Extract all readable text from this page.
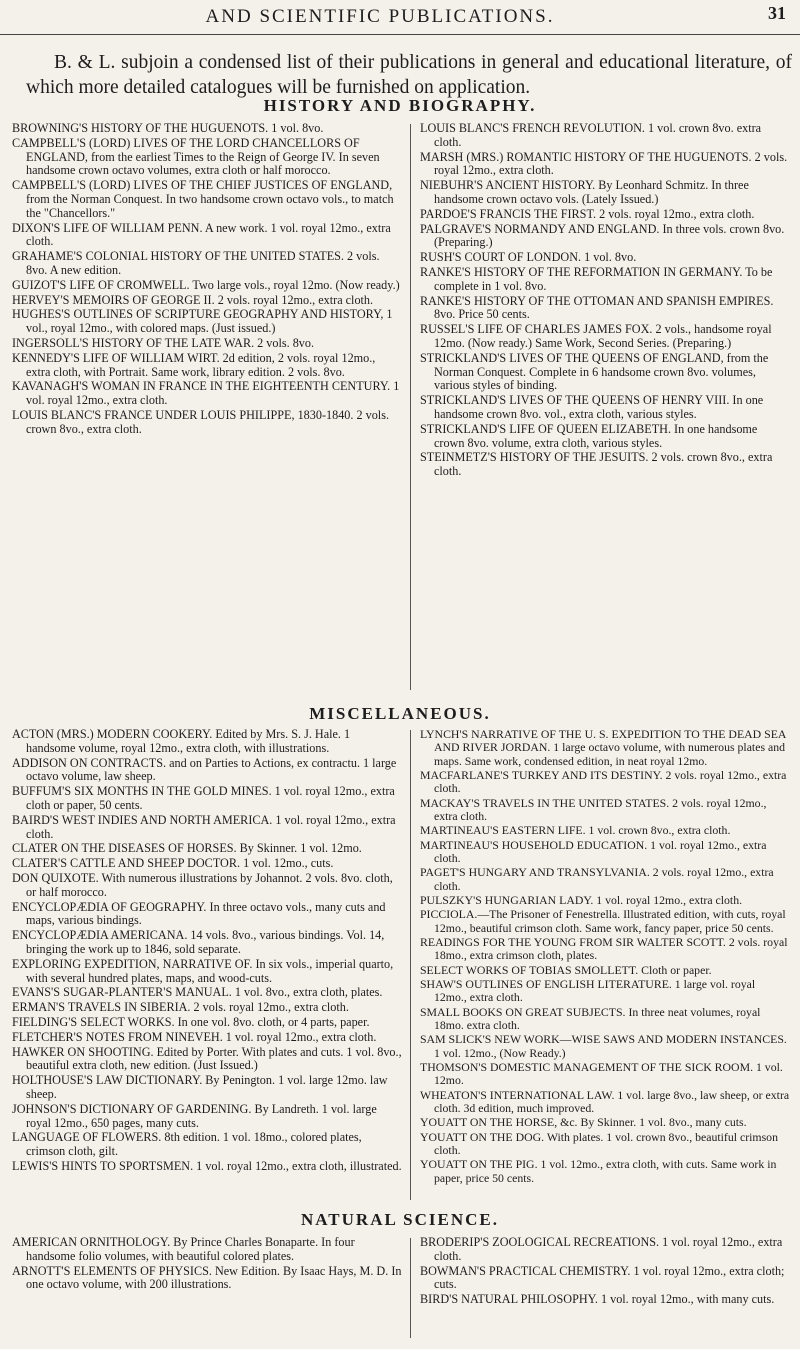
AND SCIENTIFIC PUBLICATIONS.	31
B. & L. subjoin a condensed list of their publications in general and educational literature, of which more detailed catalogues will be furnished on application.
HISTORY AND BIOGRAPHY.
BROWNING'S HISTORY OF THE HUGUENOTS. 1 vol. 8vo.
CAMPBELL'S (LORD) LIVES OF THE LORD CHANCELLORS OF ENGLAND, from the earliest Times to the Reign of George IV. In seven handsome crown octavo volumes, extra cloth or half morocco.
CAMPBELL'S (LORD) LIVES OF THE CHIEF JUSTICES OF ENGLAND, from the Norman Conquest. In two handsome crown octavo vols., to match the "Chancellors."
DIXON'S LIFE OF WILLIAM PENN. A new work. 1 vol. royal 12mo., extra cloth.
GRAHAME'S COLONIAL HISTORY OF THE UNITED STATES. 2 vols. 8vo. A new edition.
GUIZOT'S LIFE OF CROMWELL. Two large vols., royal 12mo. (Now ready.)
HERVEY'S MEMOIRS OF GEORGE II. 2 vols. royal 12mo., extra cloth.
HUGHES'S OUTLINES OF SCRIPTURE GEOGRAPHY AND HISTORY, 1 vol., royal 12mo., with colored maps. (Just issued.)
INGERSOLL'S HISTORY OF THE LATE WAR. 2 vols. 8vo.
KENNEDY'S LIFE OF WILLIAM WIRT. 2d edition, 2 vols. royal 12mo., extra cloth, with Portrait. Same work, library edition. 2 vols. 8vo.
KAVANAGH'S WOMAN IN FRANCE IN THE EIGHTEENTH CENTURY. 1 vol. royal 12mo., extra cloth.
LOUIS BLANC'S FRANCE UNDER LOUIS PHILIPPE, 1830-1840. 2 vols. crown 8vo., extra cloth.
LOUIS BLANC'S FRENCH REVOLUTION. 1 vol. crown 8vo. extra cloth.
MARSH (MRS.) ROMANTIC HISTORY OF THE HUGUENOTS. 2 vols. royal 12mo., extra cloth.
NIEBUHR'S ANCIENT HISTORY. By Leonhard Schmitz. In three handsome crown octavo vols. (Lately Issued.)
PARDOE'S FRANCIS THE FIRST. 2 vols. royal 12mo., extra cloth.
PALGRAVE'S NORMANDY AND ENGLAND. In three vols. crown 8vo. (Preparing.)
RUSH'S COURT OF LONDON. 1 vol. 8vo.
RANKE'S HISTORY OF THE REFORMATION IN GERMANY. To be complete in 1 vol. 8vo.
RANKE'S HISTORY OF THE OTTOMAN AND SPANISH EMPIRES. 8vo. Price 50 cents.
RUSSEL'S LIFE OF CHARLES JAMES FOX. 2 vols., handsome royal 12mo. (Now ready.) Same Work, Second Series. (Preparing.)
STRICKLAND'S LIVES OF THE QUEENS OF ENGLAND, from the Norman Conquest. Complete in 6 handsome crown 8vo. volumes, various styles of binding.
STRICKLAND'S LIVES OF THE QUEENS OF HENRY VIII. In one handsome crown 8vo. vol., extra cloth, various styles.
STRICKLAND'S LIFE OF QUEEN ELIZABETH. In one handsome crown 8vo. volume, extra cloth, various styles.
STEINMETZ'S HISTORY OF THE JESUITS. 2 vols. crown 8vo., extra cloth.
MISCELLANEOUS.
ACTON (MRS.) MODERN COOKERY. Edited by Mrs. S. J. Hale. 1 handsome volume, royal 12mo., extra cloth, with illustrations.
ADDISON ON CONTRACTS. and on Parties to Actions, ex contractu. 1 large octavo volume, law sheep.
BUFFUM'S SIX MONTHS IN THE GOLD MINES. 1 vol. royal 12mo., extra cloth or paper, 50 cents.
BAIRD'S WEST INDIES AND NORTH AMERICA. 1 vol. royal 12mo., extra cloth.
CLATER ON THE DISEASES OF HORSES. By Skinner. 1 vol. 12mo.
CLATER'S CATTLE AND SHEEP DOCTOR. 1 vol. 12mo., cuts.
DON QUIXOTE. With numerous illustrations by Johannot. 2 vols. 8vo. cloth, or half morocco.
ENCYCLOPÆDIA OF GEOGRAPHY. In three octavo vols., many cuts and maps, various bindings.
ENCYCLOPÆDIA AMERICANA. 14 vols. 8vo., various bindings. Vol. 14, bringing the work up to 1846, sold separate.
EXPLORING EXPEDITION, NARRATIVE OF. In six vols., imperial quarto, with several hundred plates, maps, and wood-cuts.
EVANS'S SUGAR-PLANTER'S MANUAL. 1 vol. 8vo., extra cloth, plates.
ERMAN'S TRAVELS IN SIBERIA. 2 vols. royal 12mo., extra cloth.
FIELDING'S SELECT WORKS. In one vol. 8vo. cloth, or 4 parts, paper.
FLETCHER'S NOTES FROM NINEVEH. 1 vol. royal 12mo., extra cloth.
HAWKER ON SHOOTING. Edited by Porter. With plates and cuts. 1 vol. 8vo., beautiful extra cloth, new edition. (Just Issued.)
HOLTHOUSE'S LAW DICTIONARY. By Penington. 1 vol. large 12mo. law sheep.
JOHNSON'S DICTIONARY OF GARDENING. By Landreth. 1 vol. large royal 12mo., 650 pages, many cuts.
LANGUAGE OF FLOWERS. 8th edition. 1 vol. 18mo., colored plates, crimson cloth, gilt.
LEWIS'S HINTS TO SPORTSMEN. 1 vol. royal 12mo., extra cloth, illustrated.
LYNCH'S NARRATIVE OF THE U. S. EXPEDITION TO THE DEAD SEA AND RIVER JORDAN. 1 large octavo volume, with numerous plates and maps. Same work, condensed edition, in neat royal 12mo.
MACFARLANE'S TURKEY AND ITS DESTINY. 2 vols. royal 12mo., extra cloth.
MACKAY'S TRAVELS IN THE UNITED STATES. 2 vols. royal 12mo., extra cloth.
MARTINEAU'S EASTERN LIFE. 1 vol. crown 8vo., extra cloth.
MARTINEAU'S HOUSEHOLD EDUCATION. 1 vol. royal 12mo., extra cloth.
PAGET'S HUNGARY AND TRANSYLVANIA. 2 vols. royal 12mo., extra cloth.
PULSZKY'S HUNGARIAN LADY. 1 vol. royal 12mo., extra cloth.
PICCIOLA.—The Prisoner of Fenestrella. Illustrated edition, with cuts, royal 12mo., beautiful crimson cloth. Same work, fancy paper, price 50 cents.
READINGS FOR THE YOUNG FROM SIR WALTER SCOTT. 2 vols. royal 18mo., extra crimson cloth, plates.
SELECT WORKS OF TOBIAS SMOLLETT. Cloth or paper.
SHAW'S OUTLINES OF ENGLISH LITERATURE. 1 large vol. royal 12mo., extra cloth.
SMALL BOOKS ON GREAT SUBJECTS. In three neat volumes, royal 18mo. extra cloth.
SAM SLICK'S NEW WORK—WISE SAWS AND MODERN INSTANCES. 1 vol. 12mo., (Now Ready.)
THOMSON'S DOMESTIC MANAGEMENT OF THE SICK ROOM. 1 vol. 12mo.
WHEATON'S INTERNATIONAL LAW. 1 vol. large 8vo., law sheep, or extra cloth. 3d edition, much improved.
YOUATT ON THE HORSE, &c. By Skinner. 1 vol. 8vo., many cuts.
YOUATT ON THE DOG. With plates. 1 vol. crown 8vo., beautiful crimson cloth.
YOUATT ON THE PIG. 1 vol. 12mo., extra cloth, with cuts. Same work in paper, price 50 cents.
NATURAL SCIENCE.
AMERICAN ORNITHOLOGY. By Prince Charles Bonaparte. In four handsome folio volumes, with beautiful colored plates.
ARNOTT'S ELEMENTS OF PHYSICS. New Edition. By Isaac Hays, M. D. In one octavo volume, with 200 illustrations.
BRODERIP'S ZOOLOGICAL RECREATIONS. 1 vol. royal 12mo., extra cloth.
BOWMAN'S PRACTICAL CHEMISTRY. 1 vol. royal 12mo., extra cloth; cuts.
BIRD'S NATURAL PHILOSOPHY. 1 vol. royal 12mo., with many cuts.
